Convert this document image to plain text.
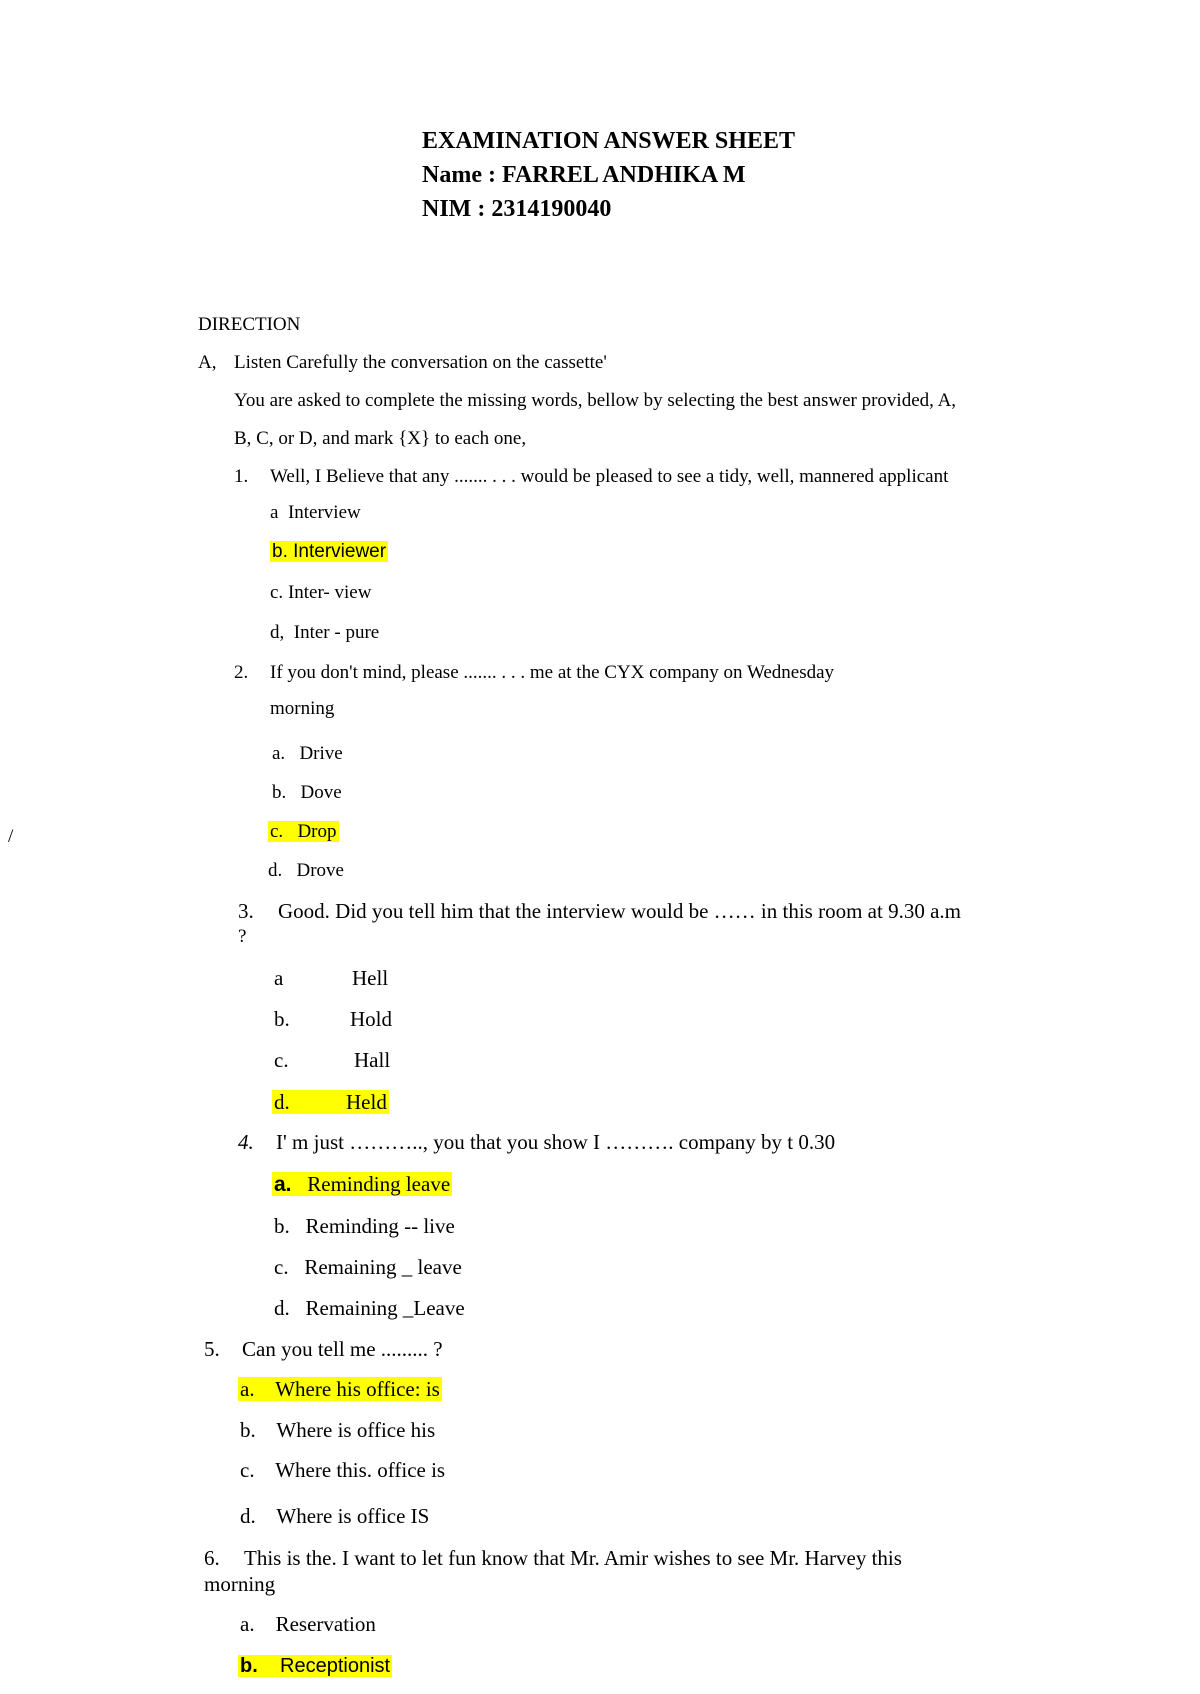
EXAMINATION ANSWER SHEET
Name : FARREL ANDHIKA M
NIM : 2314190040
DIRECTION
A, Listen Carefully the conversation on the cassette'
You are asked to complete the missing words, bellow by selecting the best answer provided, A,
B, C, or D, and mark {X} to each one,
/
1. Well, I Believe that any ....... . . . would be pleased to see a tidy, well, mannered applicant
a Interview
b. Interviewer
c. Inter- view
d, Inter - pure
2. If you don't mind, please ....... . . . me at the CYX company on Wednesday
morning
a. Drive
b. Dove
c. Drop
d. Drove
3. Good. Did you tell him that the interview would be …… in this room at 9.30 a.m
?
a	Hell
b.	Hold
c.	Hall
d.	Held
4. I' m just ……….., you that you show I ………. company by t 0.30
a. Reminding leave
b. Reminding -- live
c. Remaining _ leave
d. Remaining _Leave
5. Can you tell me ......... ?
a. Where his office: is
b. Where is office his
c. Where this. office is
d. Where is office IS
6. This is the. I want to let fun know that Mr. Amir wishes to see Mr. Harvey this
morning
a. Reservation
b. Receptionist
